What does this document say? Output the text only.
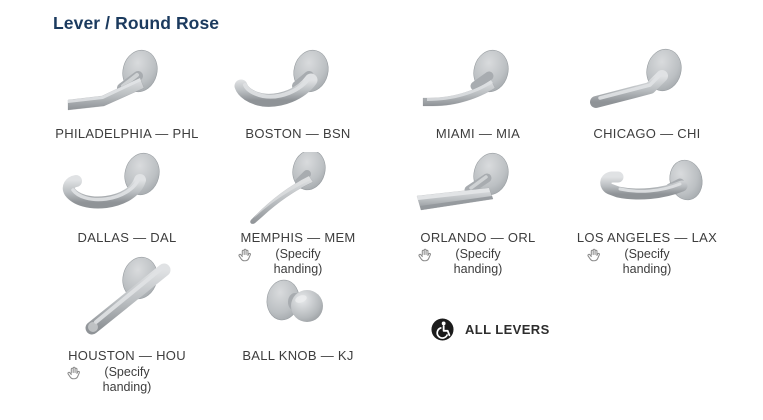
Lever / Round Rose
PHILADELPHIA — PHL	BOSTON — BSN	MIAMI — MIA	CHICAGO — CHI
DALLAS — DAL	MEMPHIS — MEM
(Specify handing)
ORLANDO — ORL
(Specify handing)
LOS ANGELES — LAX
(Specify handing)
HOUSTON — HOU
(Specify handing)
BALL KNOB — KJ
ALL LEVERS
